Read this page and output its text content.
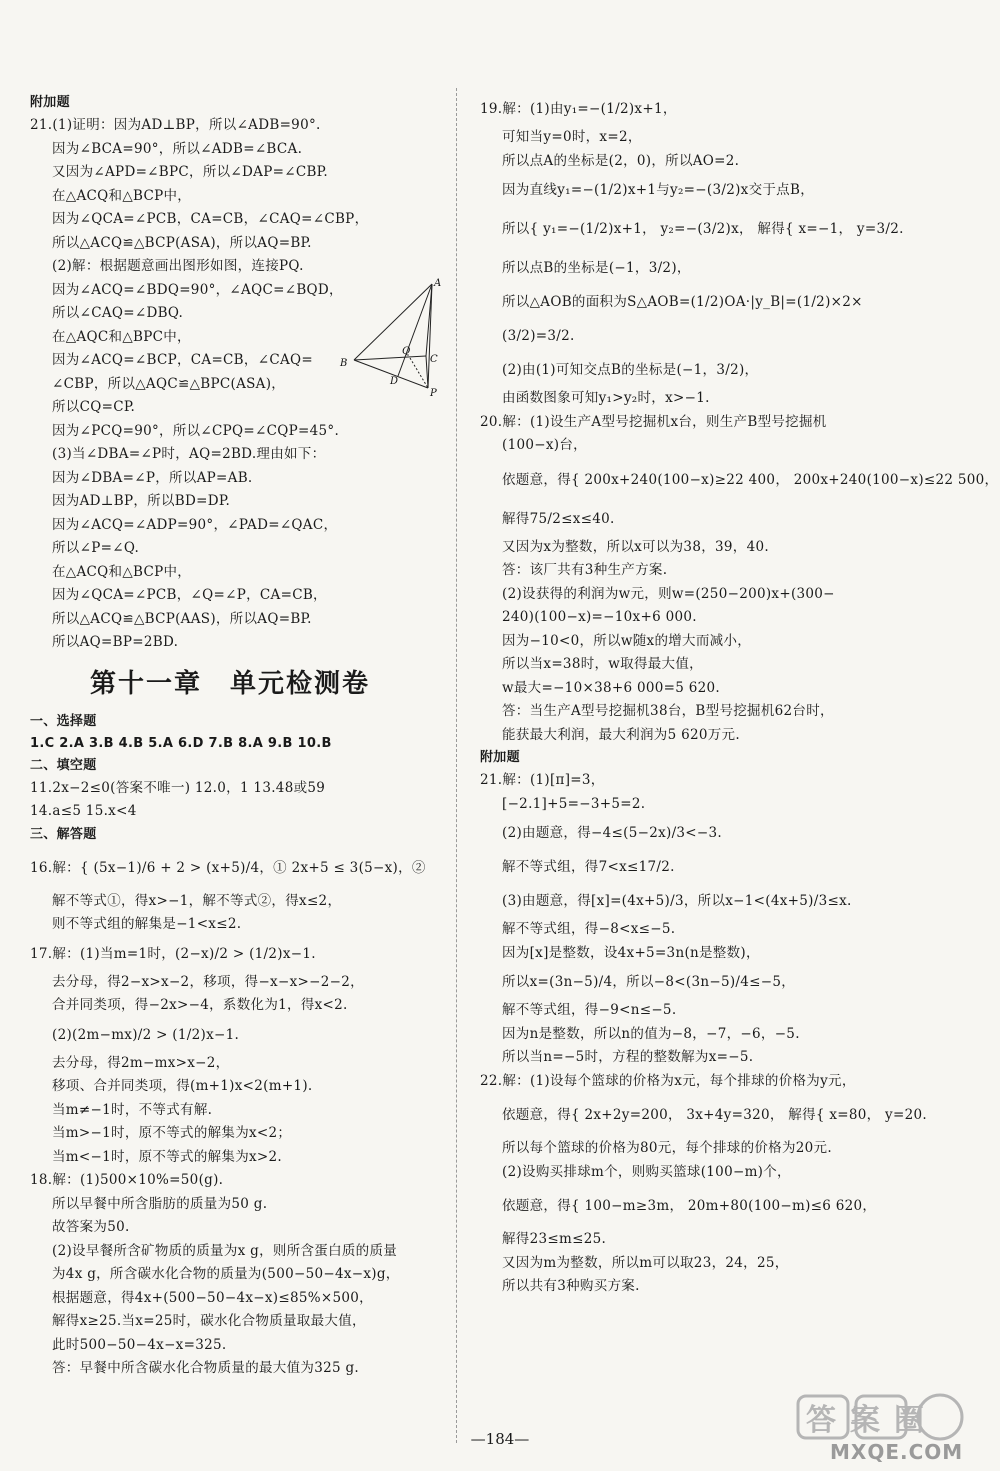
附加题
21.(1)证明：因为AD⊥BP，所以∠ADB=90°.
因为∠BCA=90°，所以∠ADB=∠BCA.
又因为∠APD=∠BPC，所以∠DAP=∠CBP.
在△ACQ和△BCP中，
因为∠QCA=∠PCB，CA=CB，∠CAQ=∠CBP，
所以△ACQ≌△BCP(ASA)，所以AQ=BP.
(2)解：根据题意画出图形如图，连接PQ.
因为∠ACQ=∠BDQ=90°，∠AQC=∠BQD，
所以∠CAQ=∠DBQ.
在△AQC和△BPC中，
因为∠ACQ=∠BCP，CA=CB，∠CAQ=
∠CBP，所以△AQC≌△BPC(ASA)，
所以CQ=CP.
因为∠PCQ=90°，所以∠CPQ=∠CQP=45°.
(3)当∠DBA=∠P时，AQ=2BD.理由如下：
因为∠DBA=∠P，所以AP=AB.
因为AD⊥BP，所以BD=DP.
因为∠ACQ=∠ADP=90°，∠PAD=∠QAC，
所以∠P=∠Q.
在△ACQ和△BCP中，
因为∠QCA=∠PCB，∠Q=∠P，CA=CB，
所以△ACQ≌△BCP(AAS)，所以AQ=BP.
所以AQ=BP=2BD.
第十一章 单元检测卷
一、选择题
1.C 2.A 3.B 4.B 5.A 6.D 7.B 8.A 9.B 10.B
二、填空题
11.2x−2≤0(答案不唯一) 12.0，1 13.48或59
14.a≤5 15.x<4
三、解答题
16.解：{ (5x−1)/6 + 2 > (x+5)/4，① 2x+5 ≤ 3(5−x)，②
解不等式①，得x>−1，解不等式②，得x≤2，
则不等式组的解集是−1<x≤2.
17.解：(1)当m=1时，(2−x)/2 > (1/2)x−1.
去分母，得2−x>x−2，移项，得−x−x>−2−2，
合并同类项，得−2x>−4，系数化为1，得x<2.
(2)(2m−mx)/2 > (1/2)x−1.
去分母，得2m−mx>x−2，
移项、合并同类项，得(m+1)x<2(m+1).
当m≠−1时，不等式有解.
当m>−1时，原不等式的解集为x<2；
当m<−1时，原不等式的解集为x>2.
18.解：(1)500×10%=50(g).
所以早餐中所含脂肪的质量为50 g.
故答案为50.
(2)设早餐所含矿物质的质量为x g，则所含蛋白质的质量
为4x g，所含碳水化合物的质量为(500−50−4x−x)g，
根据题意，得4x+(500−50−4x−x)≤85%×500，
解得x≥25.当x=25时，碳水化合物质量取最大值，
此时500−50−4x−x=325.
答：早餐中所含碳水化合物质量的最大值为325 g.
A
B
Q
C
D
P
19.解：(1)由y₁=−(1/2)x+1，
可知当y=0时，x=2，
所以点A的坐标是(2，0)，所以AO=2.
因为直线y₁=−(1/2)x+1与y₂=−(3/2)x交于点B，
所以{ y₁=−(1/2)x+1， y₂=−(3/2)x， 解得{ x=−1， y=3/2.
所以点B的坐标是(−1，3/2)，
所以△AOB的面积为S△AOB=(1/2)OA·|y_B|=(1/2)×2×
(3/2)=3/2.
(2)由(1)可知交点B的坐标是(−1，3/2)，
由函数图象可知y₁>y₂时，x>−1.
20.解：(1)设生产A型号挖掘机x台，则生产B型号挖掘机
(100−x)台，
依题意，得{ 200x+240(100−x)≥22 400， 200x+240(100−x)≤22 500，
解得75/2≤x≤40.
又因为x为整数，所以x可以为38，39，40.
答：该厂共有3种生产方案.
(2)设获得的利润为w元，则w=(250−200)x+(300−
240)(100−x)=−10x+6 000.
因为−10<0，所以w随x的增大而减小，
所以当x=38时，w取得最大值，
w最大=−10×38+6 000=5 620.
答：当生产A型号挖掘机38台，B型号挖掘机62台时，
能获最大利润，最大利润为5 620万元.
附加题
21.解：(1)[π]=3，
[−2.1]+5=−3+5=2.
(2)由题意，得−4≤(5−2x)/3<−3.
解不等式组，得7<x≤17/2.
(3)由题意，得[x]=(4x+5)/3，所以x−1<(4x+5)/3≤x.
解不等式组，得−8<x≤−5.
因为[x]是整数，设4x+5=3n(n是整数)，
所以x=(3n−5)/4，所以−8<(3n−5)/4≤−5，
解不等式组，得−9<n≤−5.
因为n是整数，所以n的值为−8，−7，−6，−5.
所以当n=−5时，方程的整数解为x=−5.
22.解：(1)设每个篮球的价格为x元，每个排球的价格为y元，
依题意，得{ 2x+2y=200， 3x+4y=320， 解得{ x=80， y=20.
所以每个篮球的价格为80元，每个排球的价格为20元.
(2)设购买排球m个，则购买篮球(100−m)个，
依题意，得{ 100−m≥3m， 20m+80(100−m)≤6 620，
解得23≤m≤25.
又因为m为整数，所以m可以取23，24，25，
所以共有3种购买方案.
—184—
答案圈
MXQE.COM
